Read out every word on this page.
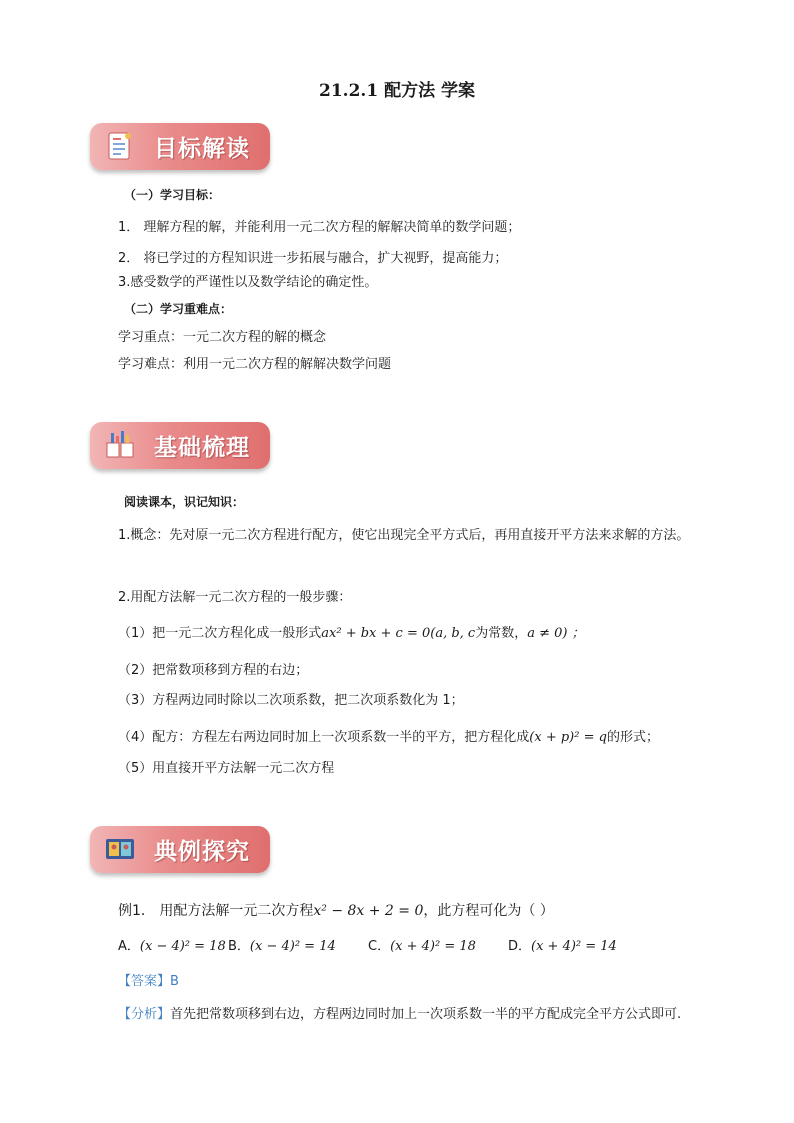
21.2.1 配方法 学案
目标解读
（一）学习目标：
1． 理解方程的解，并能利用一元二次方程的解解决简单的数学问题；
2． 将已学过的方程知识进一步拓展与融合，扩大视野，提高能力；
3.感受数学的严谨性以及数学结论的确定性。
（二）学习重难点：
学习重点：一元二次方程的解的概念
学习难点：利用一元二次方程的解解决数学问题
基础梳理
阅读课本，识记知识：
1.概念：先对原一元二次方程进行配方，使它出现完全平方式后，再用直接开平方法来求解的方法。
2.用配方法解一元二次方程的一般步骤：
（1）把一元二次方程化成一般形式ax² + bx + c = 0(a, b, c为常数，a ≠ 0) ；
（2）把常数项移到方程的右边；
（3）方程两边同时除以二次项系数，把二次项系数化为 1；
（4）配方：方程左右两边同时加上一次项系数一半的平方，把方程化成(x + p)² = q的形式；
（5）用直接开平方法解一元二次方程
典例探究
例1． 用配方法解一元二次方程x² − 8x + 2 = 0，此方程可化为（ ）
A．(x − 4)² = 18 B．(x − 4)² = 14 C．(x + 4)² = 18 D．(x + 4)² = 14
【答案】B
【分析】首先把常数项移到右边，方程两边同时加上一次项系数一半的平方配成完全平方公式即可.
